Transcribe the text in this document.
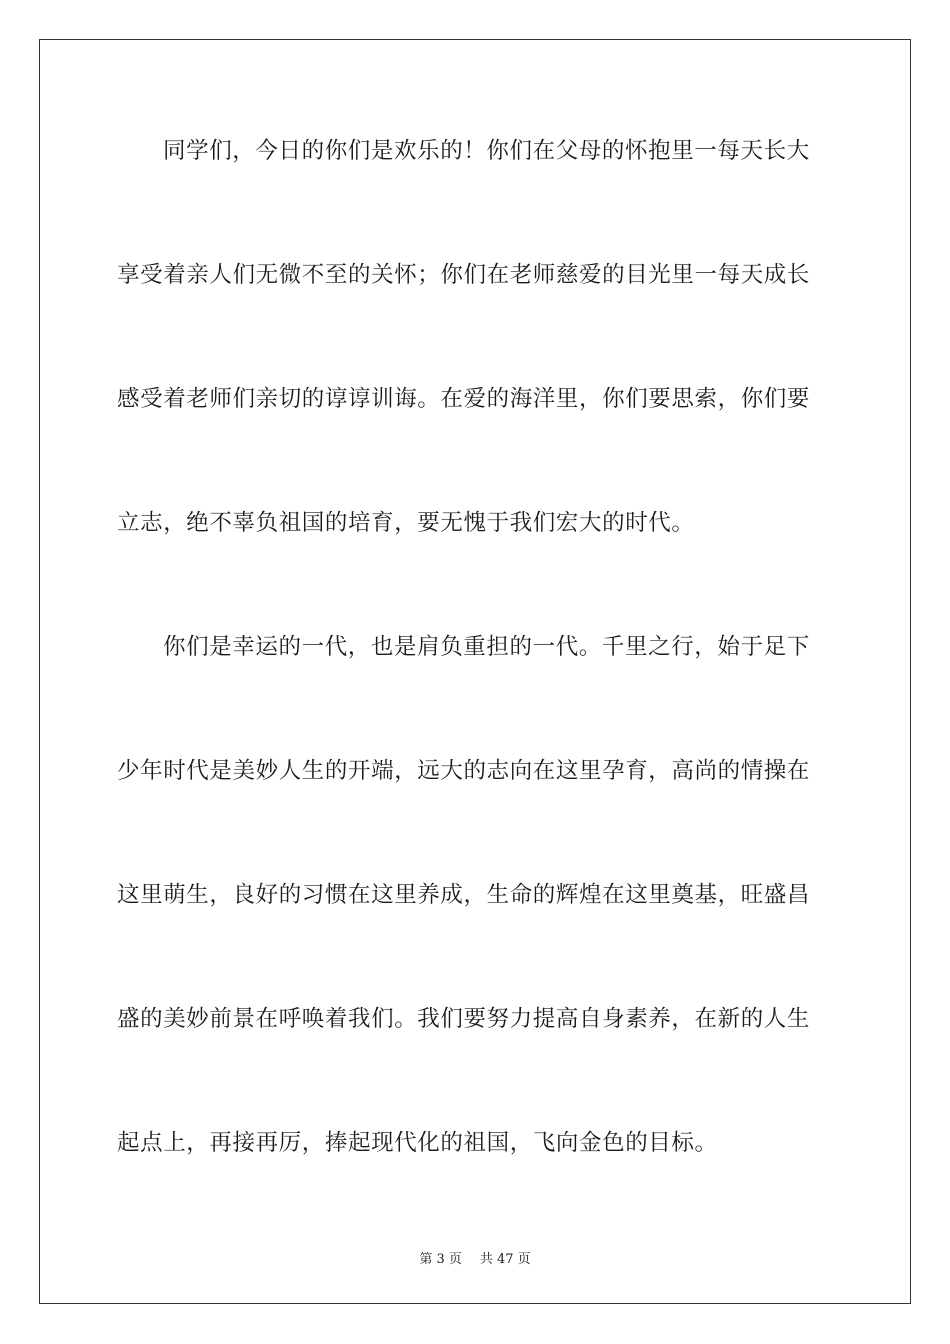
同学们，今日的你们是欢乐的！你们在父母的怀抱里一每天长大
享受着亲人们无微不至的关怀；你们在老师慈爱的目光里一每天成长
感受着老师们亲切的谆谆训诲。在爱的海洋里，你们要思索，你们要
立志，绝不辜负祖国的培育，要无愧于我们宏大的时代。
你们是幸运的一代，也是肩负重担的一代。千里之行，始于足下
少年时代是美妙人生的开端，远大的志向在这里孕育，高尚的情操在
这里萌生，良好的习惯在这里养成，生命的辉煌在这里奠基，旺盛昌
盛的美妙前景在呼唤着我们。我们要努力提高自身素养，在新的人生
起点上，再接再厉，捧起现代化的祖国，飞向金色的目标。
第 3 页 共 47 页
